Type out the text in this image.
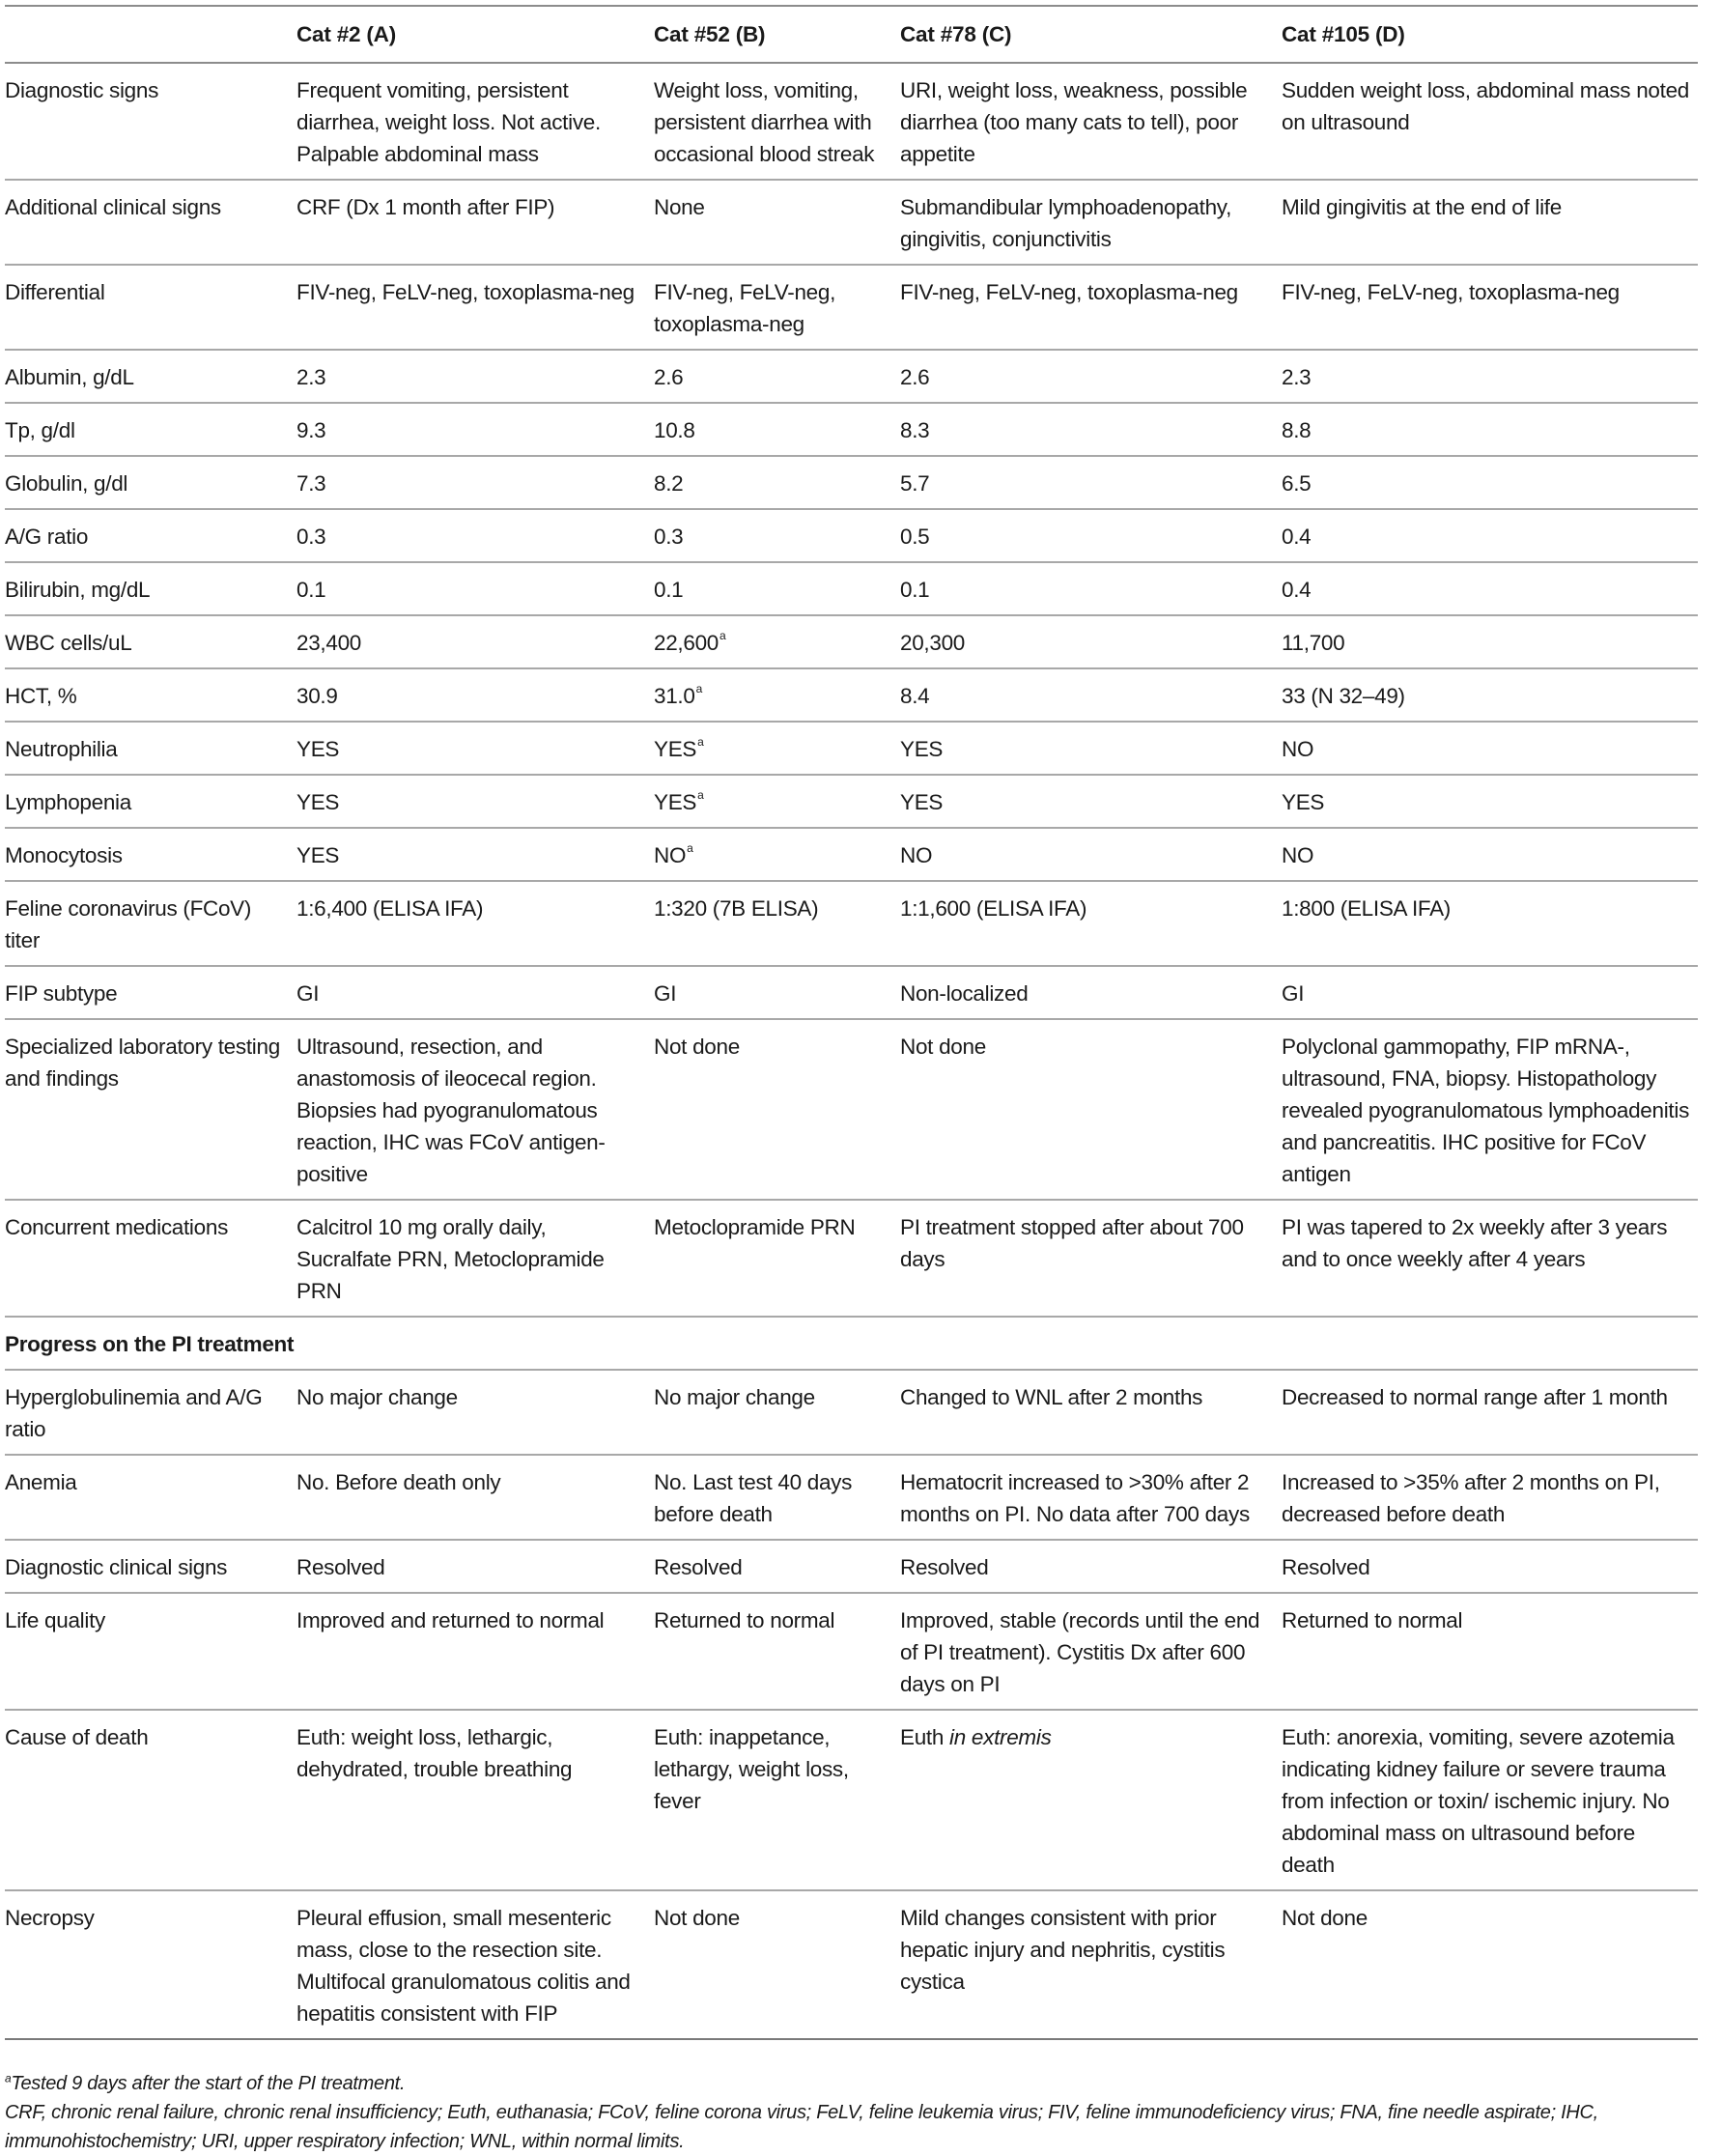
	Cat #2 (A)	Cat #52 (B)	Cat #78 (C)	Cat #105 (D)
Diagnostic signs	Frequent vomiting, persistent diarrhea, weight loss. Not active. Palpable abdominal mass	Weight loss, vomiting, persistent diarrhea with occasional blood streak	URI, weight loss, weakness, possible diarrhea (too many cats to tell), poor appetite	Sudden weight loss, abdominal mass noted on ultrasound
Additional clinical signs	CRF (Dx 1 month after FIP)	None	Submandibular lymphoadenopathy, gingivitis, conjunctivitis	Mild gingivitis at the end of life
Differential	FIV-neg, FeLV-neg, toxoplasma-neg	FIV-neg, FeLV-neg, toxoplasma-neg	FIV-neg, FeLV-neg, toxoplasma-neg	FIV-neg, FeLV-neg, toxoplasma-neg
Albumin, g/dL	2.3	2.6	2.6	2.3
Tp, g/dl	9.3	10.8	8.3	8.8
Globulin, g/dl	7.3	8.2	5.7	6.5
A/G ratio	0.3	0.3	0.5	0.4
Bilirubin, mg/dL	0.1	0.1	0.1	0.4
WBC cells/uL	23,400	22,600$^a$	20,300	11,700
HCT, %	30.9	31.0$^a$	8.4	33 (N 32–49)
Neutrophilia	YES	YES$^a$	YES	NO
Lymphopenia	YES	YES$^a$	YES	YES
Monocytosis	YES	NO$^a$	NO	NO
Feline coronavirus (FCoV) titer	1:6,400 (ELISA IFA)	1:320 (7B ELISA)	1:1,600 (ELISA IFA)	1:800 (ELISA IFA)
FIP subtype	GI	GI	Non-localized	GI
Specialized laboratory testing and findings	Ultrasound, resection, and anastomosis of ileocecal region. Biopsies had pyogranulomatous reaction, IHC was FCoV antigen-positive	Not done	Not done	Polyclonal gammopathy, FIP mRNA-, ultrasound, FNA, biopsy. Histopathology revealed pyogranulomatous lymphoadenitis and pancreatitis. IHC positive for FCoV antigen
Concurrent medications	Calcitrol 10 mg orally daily, Sucralfate PRN, Metoclopramide PRN	Metoclopramide PRN	PI treatment stopped after about 700 days	PI was tapered to 2x weekly after 3 years and to once weekly after 4 years
Progress on the PI treatment				
Hyperglobulinemia and A/G ratio	No major change	No major change	Changed to WNL after 2 months	Decreased to normal range after 1 month
Anemia	No. Before death only	No. Last test 40 days before death	Hematocrit increased to >30% after 2 months on PI. No data after 700 days	Increased to >35% after 2 months on PI, decreased before death
Diagnostic clinical signs	Resolved	Resolved	Resolved	Resolved
Life quality	Improved and returned to normal	Returned to normal	Improved, stable (records until the end of PI treatment). Cystitis Dx after 600 days on PI	Returned to normal
Cause of death	Euth: weight loss, lethargic, dehydrated, trouble breathing	Euth: inappetance, lethargy, weight loss, fever	Euth in extremis	Euth: anorexia, vomiting, severe azotemia indicating kidney failure or severe trauma from infection or toxin/ ischemic injury. No abdominal mass on ultrasound before death
Necropsy	Pleural effusion, small mesenteric mass, close to the resection site. Multifocal granulomatous colitis and hepatitis consistent with FIP	Not done	Mild changes consistent with prior hepatic injury and nephritis, cystitis cystica	Not done

$^a$Tested 9 days after the start of the PI treatment.

CRF, chronic renal failure, chronic renal insufficiency; Euth, euthanasia; FCoV, feline corona virus; FeLV, feline leukemia virus; FIV, feline immunodeficiency virus; FNA, fine needle aspirate; IHC, immunohistochemistry; URI, upper respiratory infection; WNL, within normal limits.
